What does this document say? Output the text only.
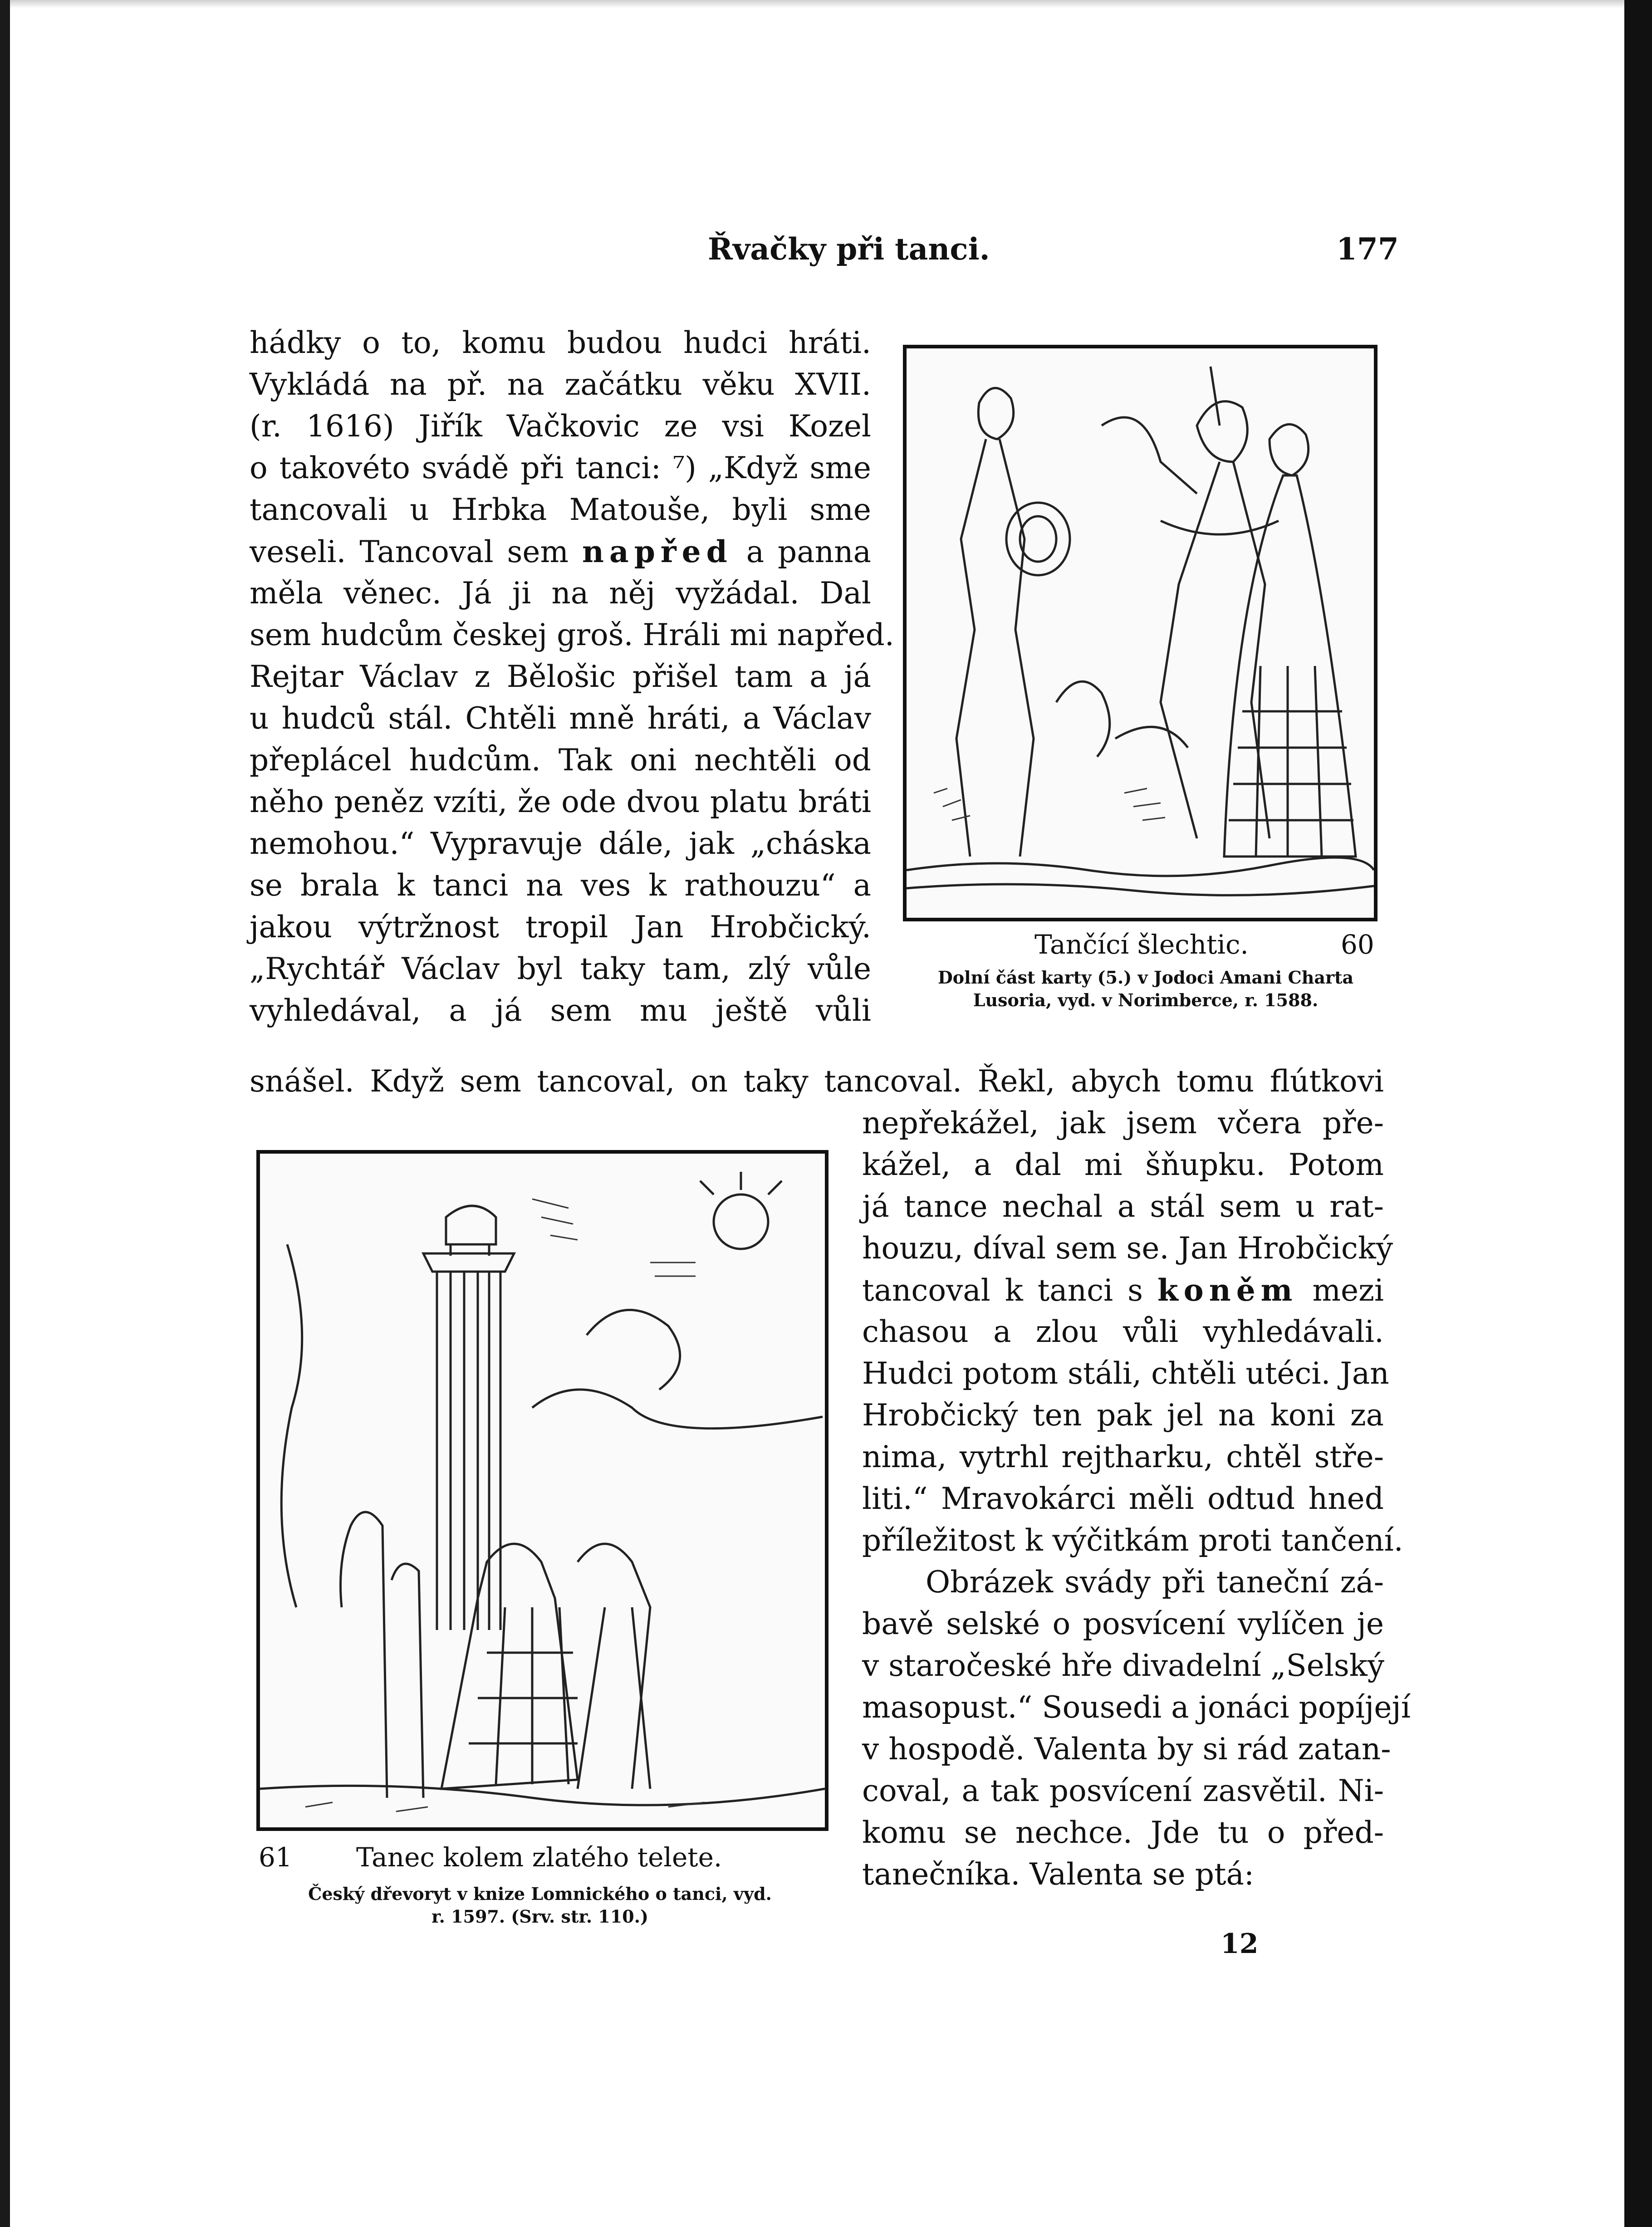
Řvačky při tanci.	177
hádky o to, komu budou hudci hráti.
Vykládá na př. na začátku věku XVII.
(r. 1616) Jiřík Vačkovic ze vsi Kozel
o takovéto svádě při tanci: ⁷) „Když sme
tancovali u Hrbka Matouše, byli sme
veseli. Tancoval sem napřed a panna
měla věnec. Já ji na něj vyžádal. Dal
sem hudcům českej groš. Hráli mi napřed.
Rejtar Václav z Bělošic přišel tam a já
u hudců stál. Chtěli mně hráti, a Václav
přeplácel hudcům. Tak oni nechtěli od
něho peněz vzíti, že ode dvou platu bráti
nemohou.“ Vypravuje dále, jak „cháska
se brala k tanci na ves k rathouzu“ a
jakou výtržnost tropil Jan Hrobčický.
„Rychtář Václav byl taky tam, zlý vůle
vyhledával, a já sem mu ještě vůli
Tančící šlechtic.	60
Dolní část karty (5.) v Jodoci Amani Charta
Lusoria, vyd. v Norimberce, r. 1588.
snášel. Když sem tancoval, on taky tancoval. Řekl, abych tomu flútkovi
61 Tanec kolem zlatého telete.
Český dřevoryt v knize Lomnického o tanci, vyd.
r. 1597. (Srv. str. 110.)
nepřekážel, jak jsem včera pře-
kážel, a dal mi šňupku. Potom
já tance nechal a stál sem u rat-
houzu, díval sem se. Jan Hrobčický
tancoval k tanci s koněm mezi
chasou a zlou vůli vyhledávali.
Hudci potom stáli, chtěli utéci. Jan
Hrobčický ten pak jel na koni za
nima, vytrhl rejtharku, chtěl stře-
liti.“ Mravokárci měli odtud hned
příležitost k výčitkám proti tančení.
Obrázek svády při taneční zá-
bavě selské o posvícení vylíčen je
v staročeské hře divadelní „Selský
masopust.“ Sousedi a jonáci popíjejí
v hospodě. Valenta by si rád zatan-
coval, a tak posvícení zasvětil. Ni-
komu se nechce. Jde tu o před-
tanečníka. Valenta se ptá:
12
